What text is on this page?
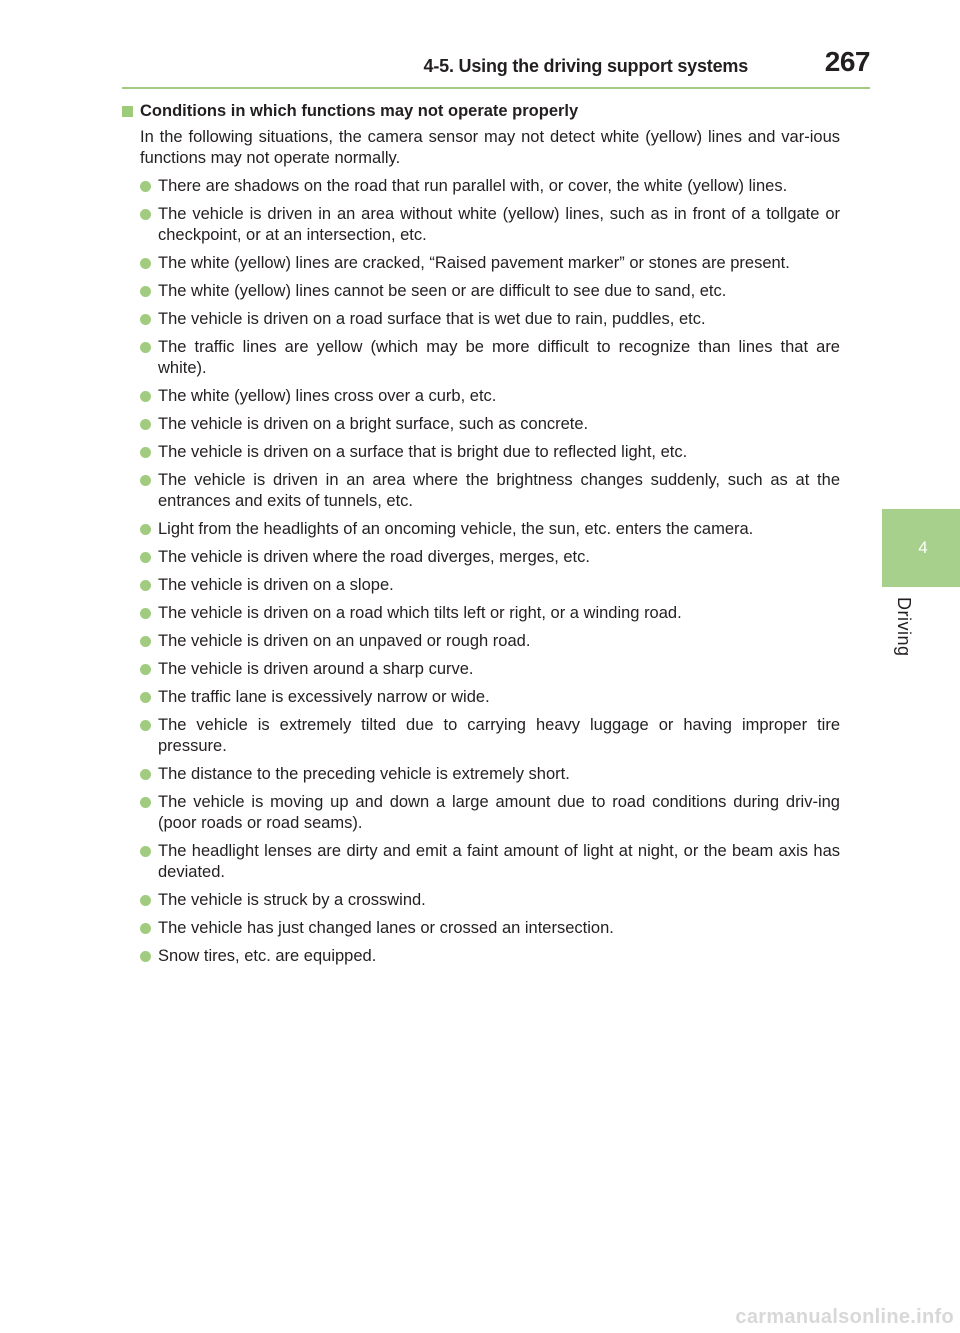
4-5. Using the driving support systems	267
4
Driving
Conditions in which functions may not operate properly
In the following situations, the camera sensor may not detect white (yellow) lines and var-ious functions may not operate normally.
There are shadows on the road that run parallel with, or cover, the white (yellow) lines.
The vehicle is driven in an area without white (yellow) lines, such as in front of a tollgate or checkpoint, or at an intersection, etc.
The white (yellow) lines are cracked, “Raised pavement marker” or stones are present.
The white (yellow) lines cannot be seen or are difficult to see due to sand, etc.
The vehicle is driven on a road surface that is wet due to rain, puddles, etc.
The traffic lines are yellow (which may be more difficult to recognize than lines that are white).
The white (yellow) lines cross over a curb, etc.
The vehicle is driven on a bright surface, such as concrete.
The vehicle is driven on a surface that is bright due to reflected light, etc.
The vehicle is driven in an area where the brightness changes suddenly, such as at the entrances and exits of tunnels, etc.
Light from the headlights of an oncoming vehicle, the sun, etc. enters the camera.
The vehicle is driven where the road diverges, merges, etc.
The vehicle is driven on a slope.
The vehicle is driven on a road which tilts left or right, or a winding road.
The vehicle is driven on an unpaved or rough road.
The vehicle is driven around a sharp curve.
The traffic lane is excessively narrow or wide.
The vehicle is extremely tilted due to carrying heavy luggage or having improper tire pressure.
The distance to the preceding vehicle is extremely short.
The vehicle is moving up and down a large amount due to road conditions during driv-ing (poor roads or road seams).
The headlight lenses are dirty and emit a faint amount of light at night, or the beam axis has deviated.
The vehicle is struck by a crosswind.
The vehicle has just changed lanes or crossed an intersection.
Snow tires, etc. are equipped.
carmanualsonline.info
